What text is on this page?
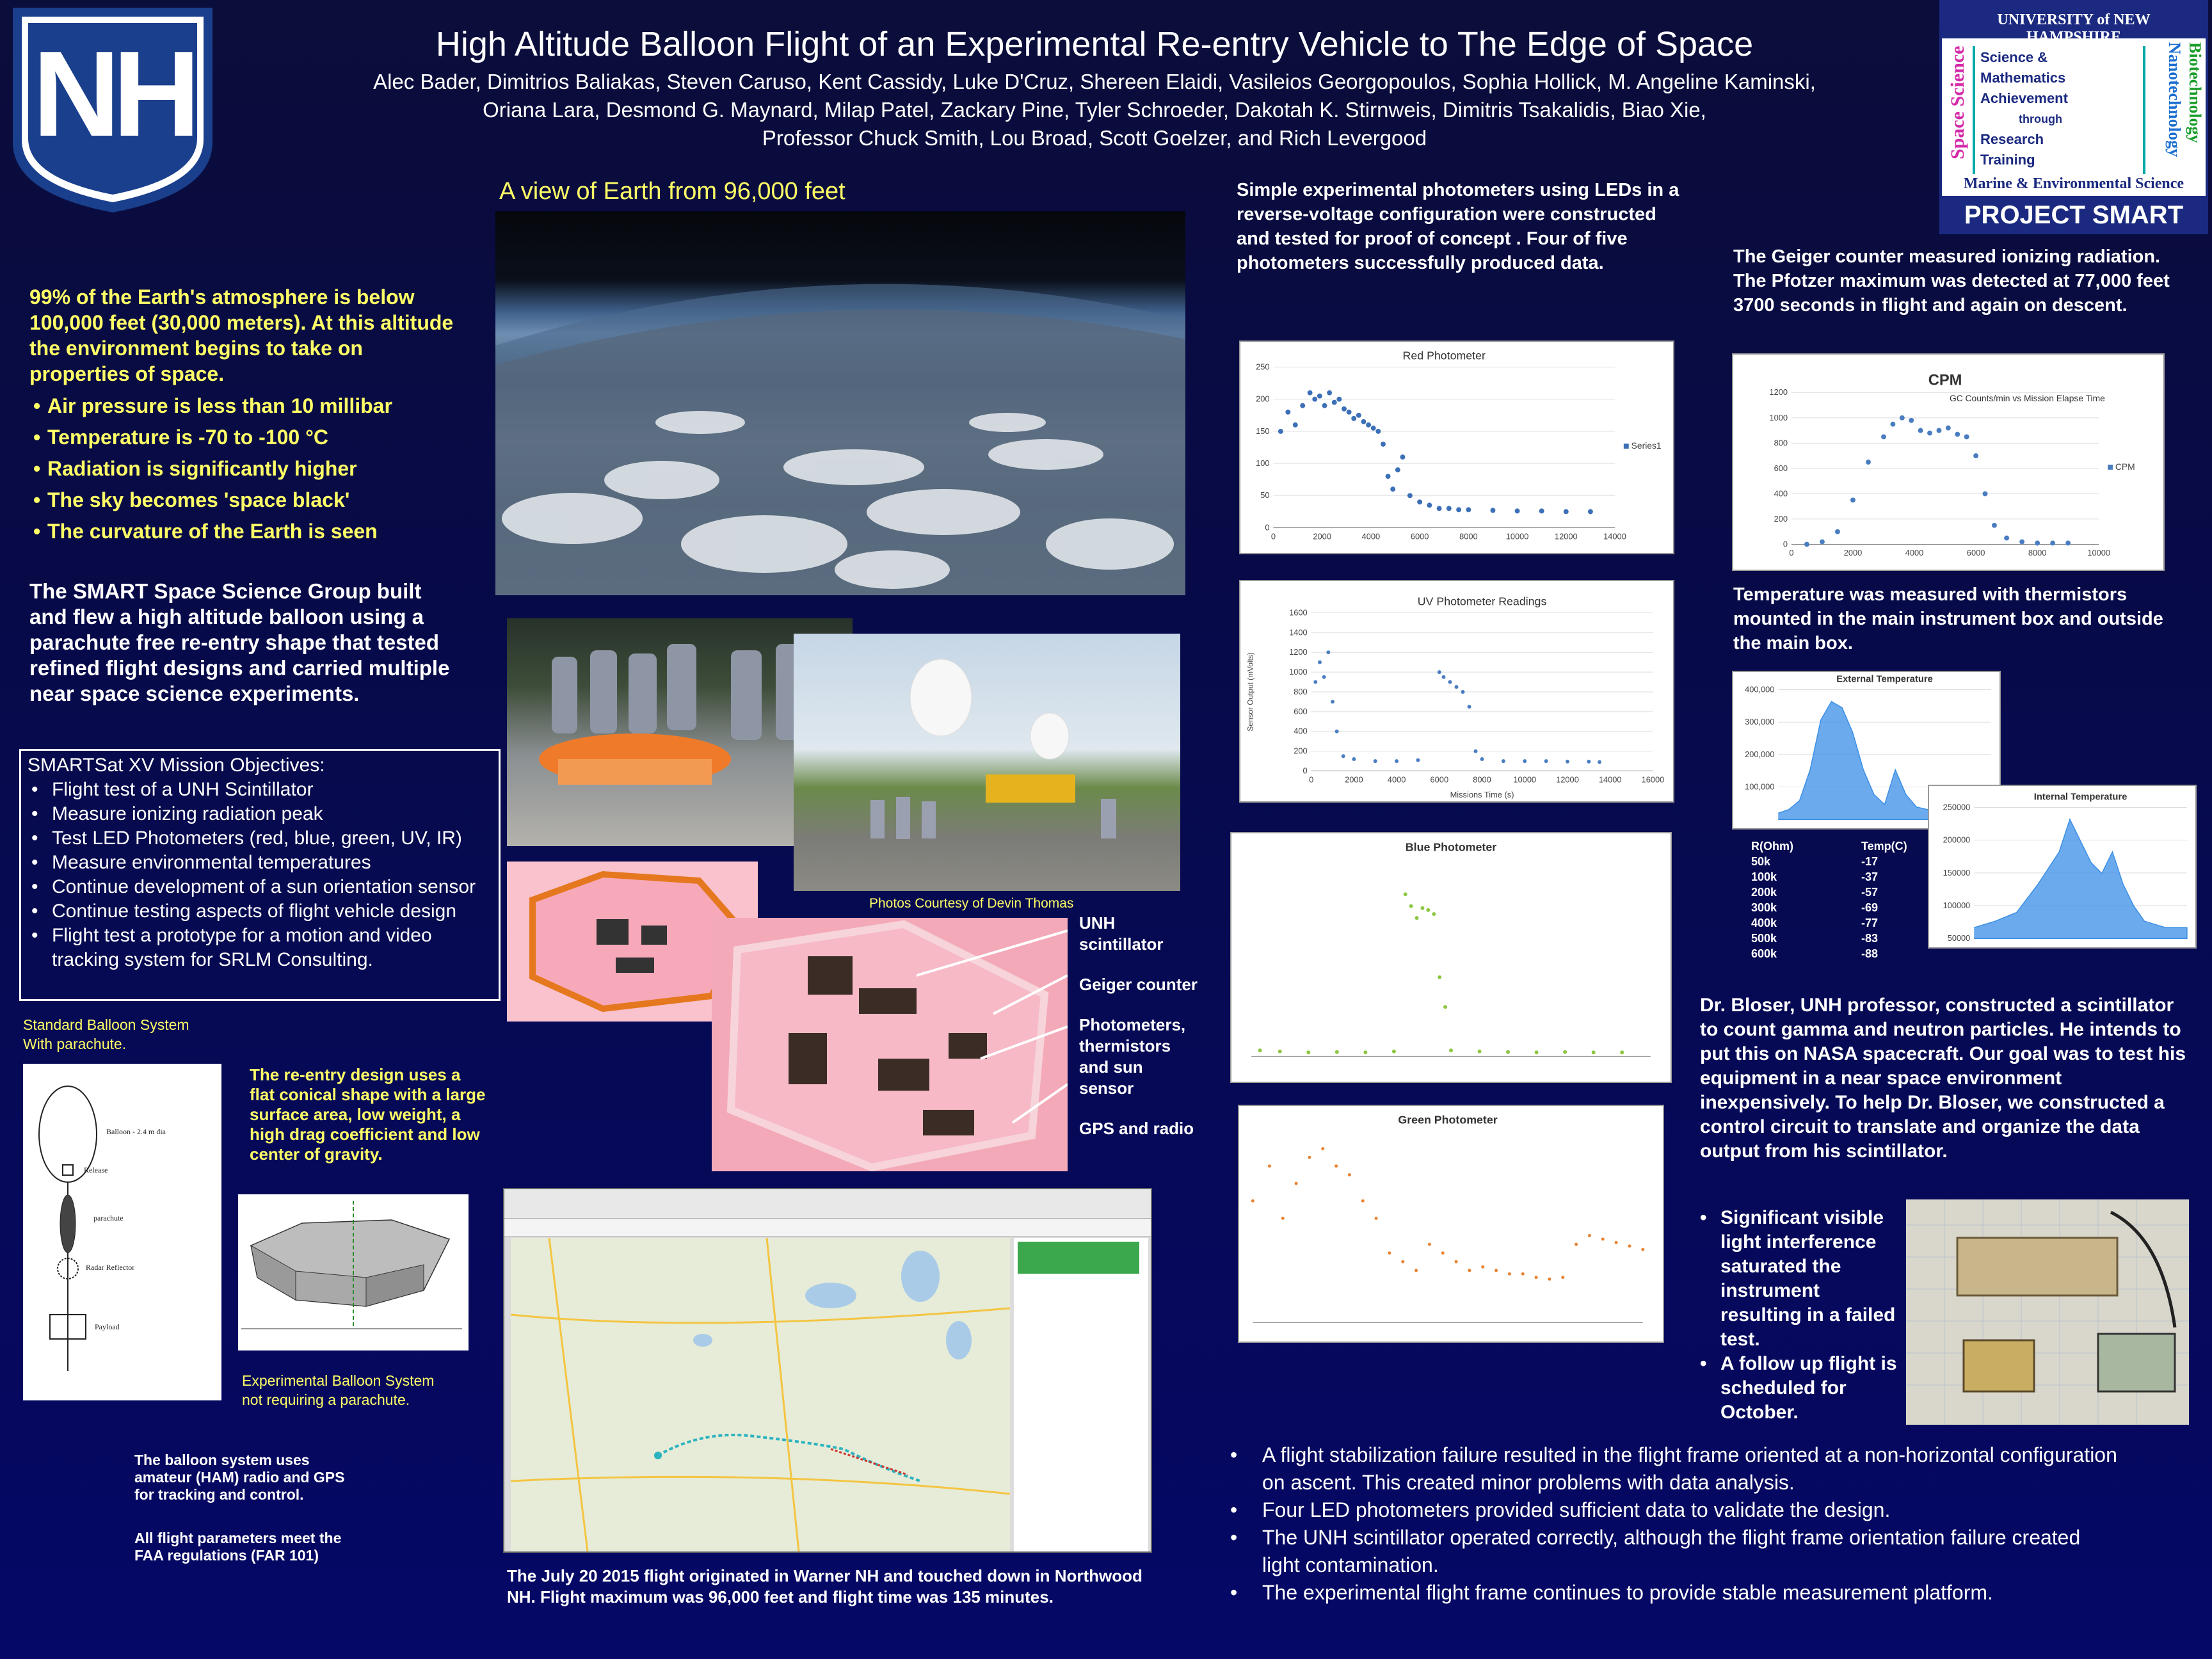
NH	High Altitude Balloon Flight of an Experimental Re-entry Vehicle to The Edge of Space
Alec Bader, Dimitrios Baliakas, Steven Caruso, Kent Cassidy, Luke D'Cruz, Shereen Elaidi, Vasileios Georgopoulos, Sophia Hollick, M. Angeline Kaminski,
Oriana Lara, Desmond G. Maynard, Milap Patel, Zackary Pine, Tyler Schroeder, Dakotah K. Stirnweis, Dimitris Tsakalidis, Biao Xie,
Professor Chuck Smith, Lou Broad, Scott Goelzer, and Rich Levergood
UNIVERSITY of NEW HAMPSHIRE
Space Science Science &
Mathematics
Achievement
through
Research
Training
Biotechnology
Nanotechnology
Marine & Environmental Science
PROJECT SMART
99% of the Earth's atmosphere is below 100,000 feet (30,000 meters). At this altitude the environment begins to take on properties of space.
• Air pressure is less than 10 millibar
• Temperature is -70 to -100 °C
• Radiation is significantly higher
• The sky becomes 'space black'
• The curvature of the Earth is seen
The SMART Space Science Group built and flew a high altitude balloon using a parachute free re-entry shape that tested refined flight designs and carried multiple near space science experiments.
SMARTSat XV Mission Objectives:
• Flight test of a UNH Scintillator
• Measure ionizing radiation peak
• Test LED Photometers (red, blue, green, UV, IR)
• Measure environmental temperatures
• Continue development of a sun orientation sensor
• Continue testing aspects of flight vehicle design
• Flight test a prototype for a motion and video tracking system for SRLM Consulting.
Standard Balloon System
With parachute.
Balloon - 2.4 m dia
Release
parachute
Radar Reflector
Payload
The re-entry design uses a flat conical shape with a large surface area, low weight, a high drag coefficient and low center of gravity.
Experimental Balloon System
not requiring a parachute.
The balloon system uses amateur (HAM) radio and GPS for tracking and control.
All flight parameters meet the FAA regulations (FAR 101)
A view of Earth from 96,000 feet
Photos Courtesy of Devin Thomas
UNH scintillator
Geiger counter
Photometers, thermistors and sun sensor
GPS and radio
The July 20 2015 flight originated in Warner NH and touched down in Northwood NH. Flight maximum was 96,000 feet and flight time was 135 minutes.
Simple experimental photometers using LEDs in a reverse-voltage configuration were constructed and tested for proof of concept . Four of five photometers successfully produced data.
Red Photometer
250
200
150
100
50
0
0	2000	4000	6000	8000	10000	12000	14000
Series1
UV Photometer Readings
1600
1400
1200
1000
800
600
400
200
0
0	2000	4000	6000	8000	10000 12000 14000 16000
Sensor Output (mVolts)
Missions Time (s)
Blue Photometer
Green Photometer
• A flight stabilization failure resulted in the flight frame oriented at a non-horizontal configuration on ascent. This created minor problems with data analysis.
• Four LED photometers provided sufficient data to validate the design.
• The UNH scintillator operated correctly, although the flight frame orientation failure created light contamination.
• The experimental flight frame continues to provide stable measurement platform.
The Geiger counter measured ionizing radiation. The Pfotzer maximum was detected at 77,000 feet 3700 seconds in flight and again on descent.
CPM
GC Counts/min vs Mission Elapse Time
1200
1000
800
600
400
200
0
0	2000	4000	6000	8000	10000
CPM
Temperature was measured with thermistors mounted in the main instrument box and outside the main box.
External Temperature
400,000
300,000
200,000
100,000
R(Ohm)	Temp(C)
50k	-17
100k	-37
200k	-57
300k	-69
400k	-77
500k	-83
600k	-88
Internal Temperature
250000
200000
150000
100000
50000
Dr. Bloser, UNH professor, constructed a scintillator to count gamma and neutron particles. He intends to put this on NASA spacecraft. Our goal was to test his equipment in a near space environment inexpensively. To help Dr. Bloser, we constructed a control circuit to translate and organize the data output from his scintillator.
• Significant visible light interference saturated the instrument resulting in a failed test.
• A follow up flight is scheduled for October.
